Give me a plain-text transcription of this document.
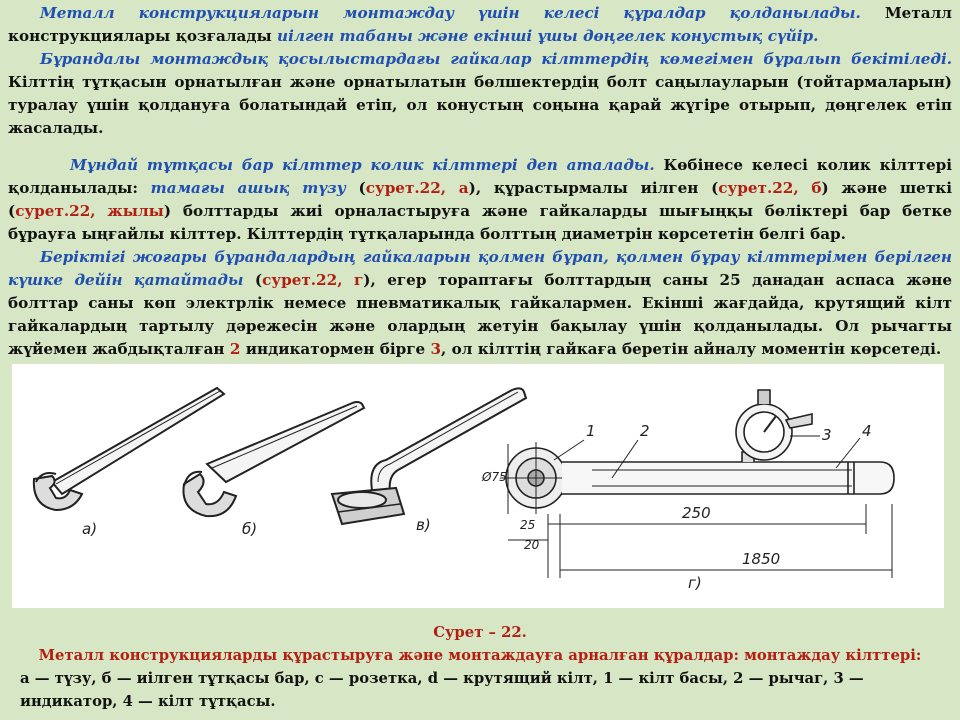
Металл конструкцияларын монтаждау үшін келесі құралдар қолданылады. Металл конструкциялары қозғалады иілген табаны және екінші ұшы дөңгелек конустық сүйір.

Бұрандалы монтаждық қосылыстардағы гайкалар кілттердің көмегімен бұралып бекітіледі. Кілттің тұтқасын орнатылған және орнатылатын бөлшектердің болт саңылауларын (тойтармаларын) туралау үшін қолдануға болатындай етіп, ол конустың соңына қарай жүгіре отырып, дөңгелек етіп жасалады.

Мұндай тұтқасы бар кілттер колик кілттері деп аталады. Көбінесе келесі колик кілттері қолданылады: тамағы ашық түзу (сурет.22, а), құрастырмалы иілген (сурет.22, б) және шеткі (сурет.22, жылы) болттарды жиі орналастыруға және гайкаларды шығыңқы бөліктері бар бетке бұрауға ыңғайлы кілттер. Кілттердің тұтқаларында болттың диаметрін көрсететін белгі бар.

Беріктігі жоғары бұрандалардың гайкаларын қолмен бұрап, қолмен бұрау кілттерімен берілген күшке дейін қатайтады (сурет.22, г), егер тораптағы болттардың саны 25 данадан аспаса және болттар саны көп электрлік немесе пневматикалық гайкалармен. Екінші жағдайда, крутящий кілт гайкалардың тартылу дәрежесін және олардың жетуін бақылау үшін қолданылады. Ол рычагты жүйемен жабдықталған 2 индикатормен бірге 3, ол кілттің гайкаға беретін айналу моментін көрсетеді.

а)	б)	в)
г)
1	2	3 4
Ø75
25
20
250
1850
Сурет – 22.
Металл конструкцияларды құрастыруға және монтаждауға арналған құралдар: монтаждау кілттері:
а — түзу, б — иілген тұтқасы бар, c — розетка, d — крутящий кілт, 1 — кілт басы, 2 — рычаг, 3 — индикатор, 4 — кілт тұтқасы.
